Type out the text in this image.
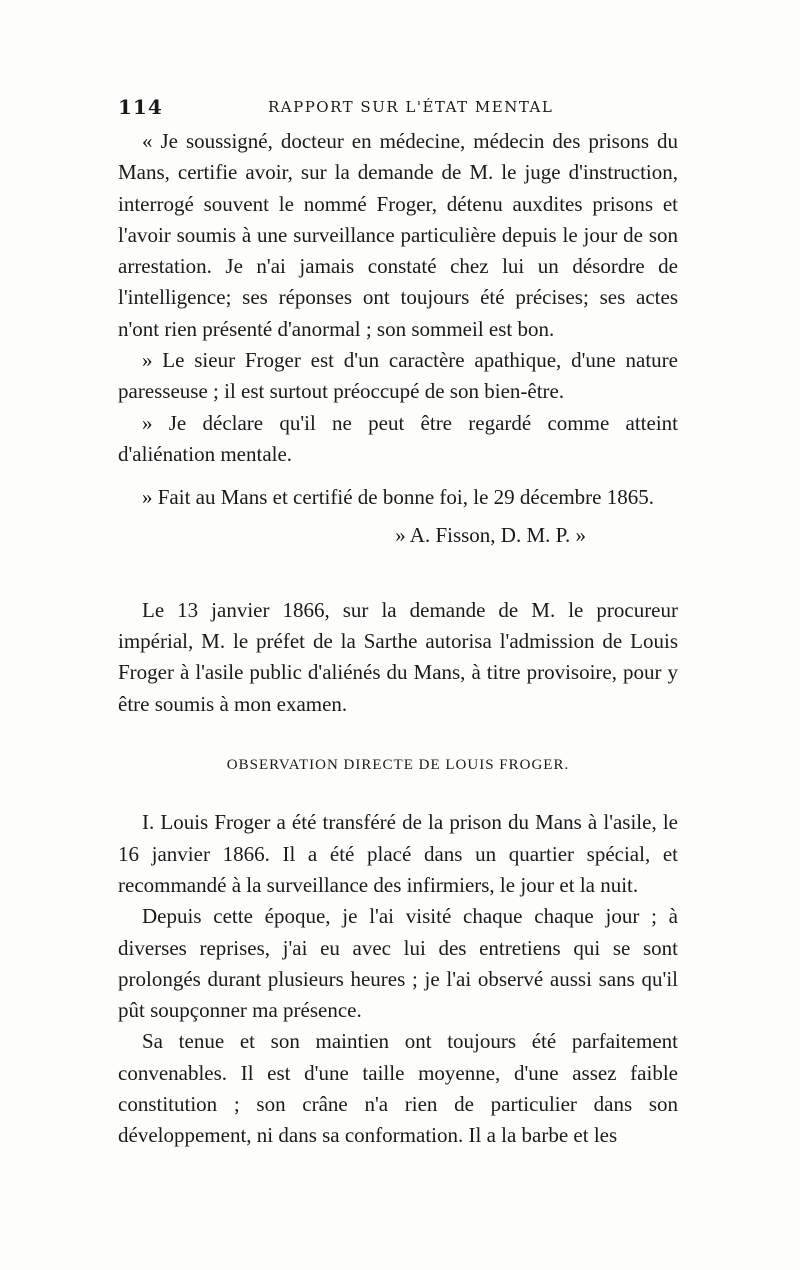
114	RAPPORT SUR L'ÉTAT MENTAL

« Je soussigné, docteur en médecine, médecin des prisons du Mans, certifie avoir, sur la demande de M. le juge d'instruction, interrogé souvent le nommé Froger, détenu auxdites prisons et l'avoir soumis à une surveillance particulière depuis le jour de son arrestation. Je n'ai jamais constaté chez lui un désordre de l'intelligence; ses réponses ont toujours été précises; ses actes n'ont rien présenté d'anormal ; son sommeil est bon.

» Le sieur Froger est d'un caractère apathique, d'une nature paresseuse ; il est surtout préoccupé de son bien-être.

» Je déclare qu'il ne peut être regardé comme atteint d'aliénation mentale.

» Fait au Mans et certifié de bonne foi, le 29 décembre 1865.

» A. Fisson, D. M. P. »

Le 13 janvier 1866, sur la demande de M. le procureur impérial, M. le préfet de la Sarthe autorisa l'admission de Louis Froger à l'asile public d'aliénés du Mans, à titre provisoire, pour y être soumis à mon examen.

OBSERVATION DIRECTE DE LOUIS FROGER.

I. Louis Froger a été transféré de la prison du Mans à l'asile, le 16 janvier 1866. Il a été placé dans un quartier spécial, et recommandé à la surveillance des infirmiers, le jour et la nuit.

Depuis cette époque, je l'ai visité chaque chaque jour ; à diverses reprises, j'ai eu avec lui des entretiens qui se sont prolongés durant plusieurs heures ; je l'ai observé aussi sans qu'il pût soupçonner ma présence.

Sa tenue et son maintien ont toujours été parfaitement convenables. Il est d'une taille moyenne, d'une assez faible constitution ; son crâne n'a rien de particulier dans son développement, ni dans sa conformation. Il a la barbe et les
